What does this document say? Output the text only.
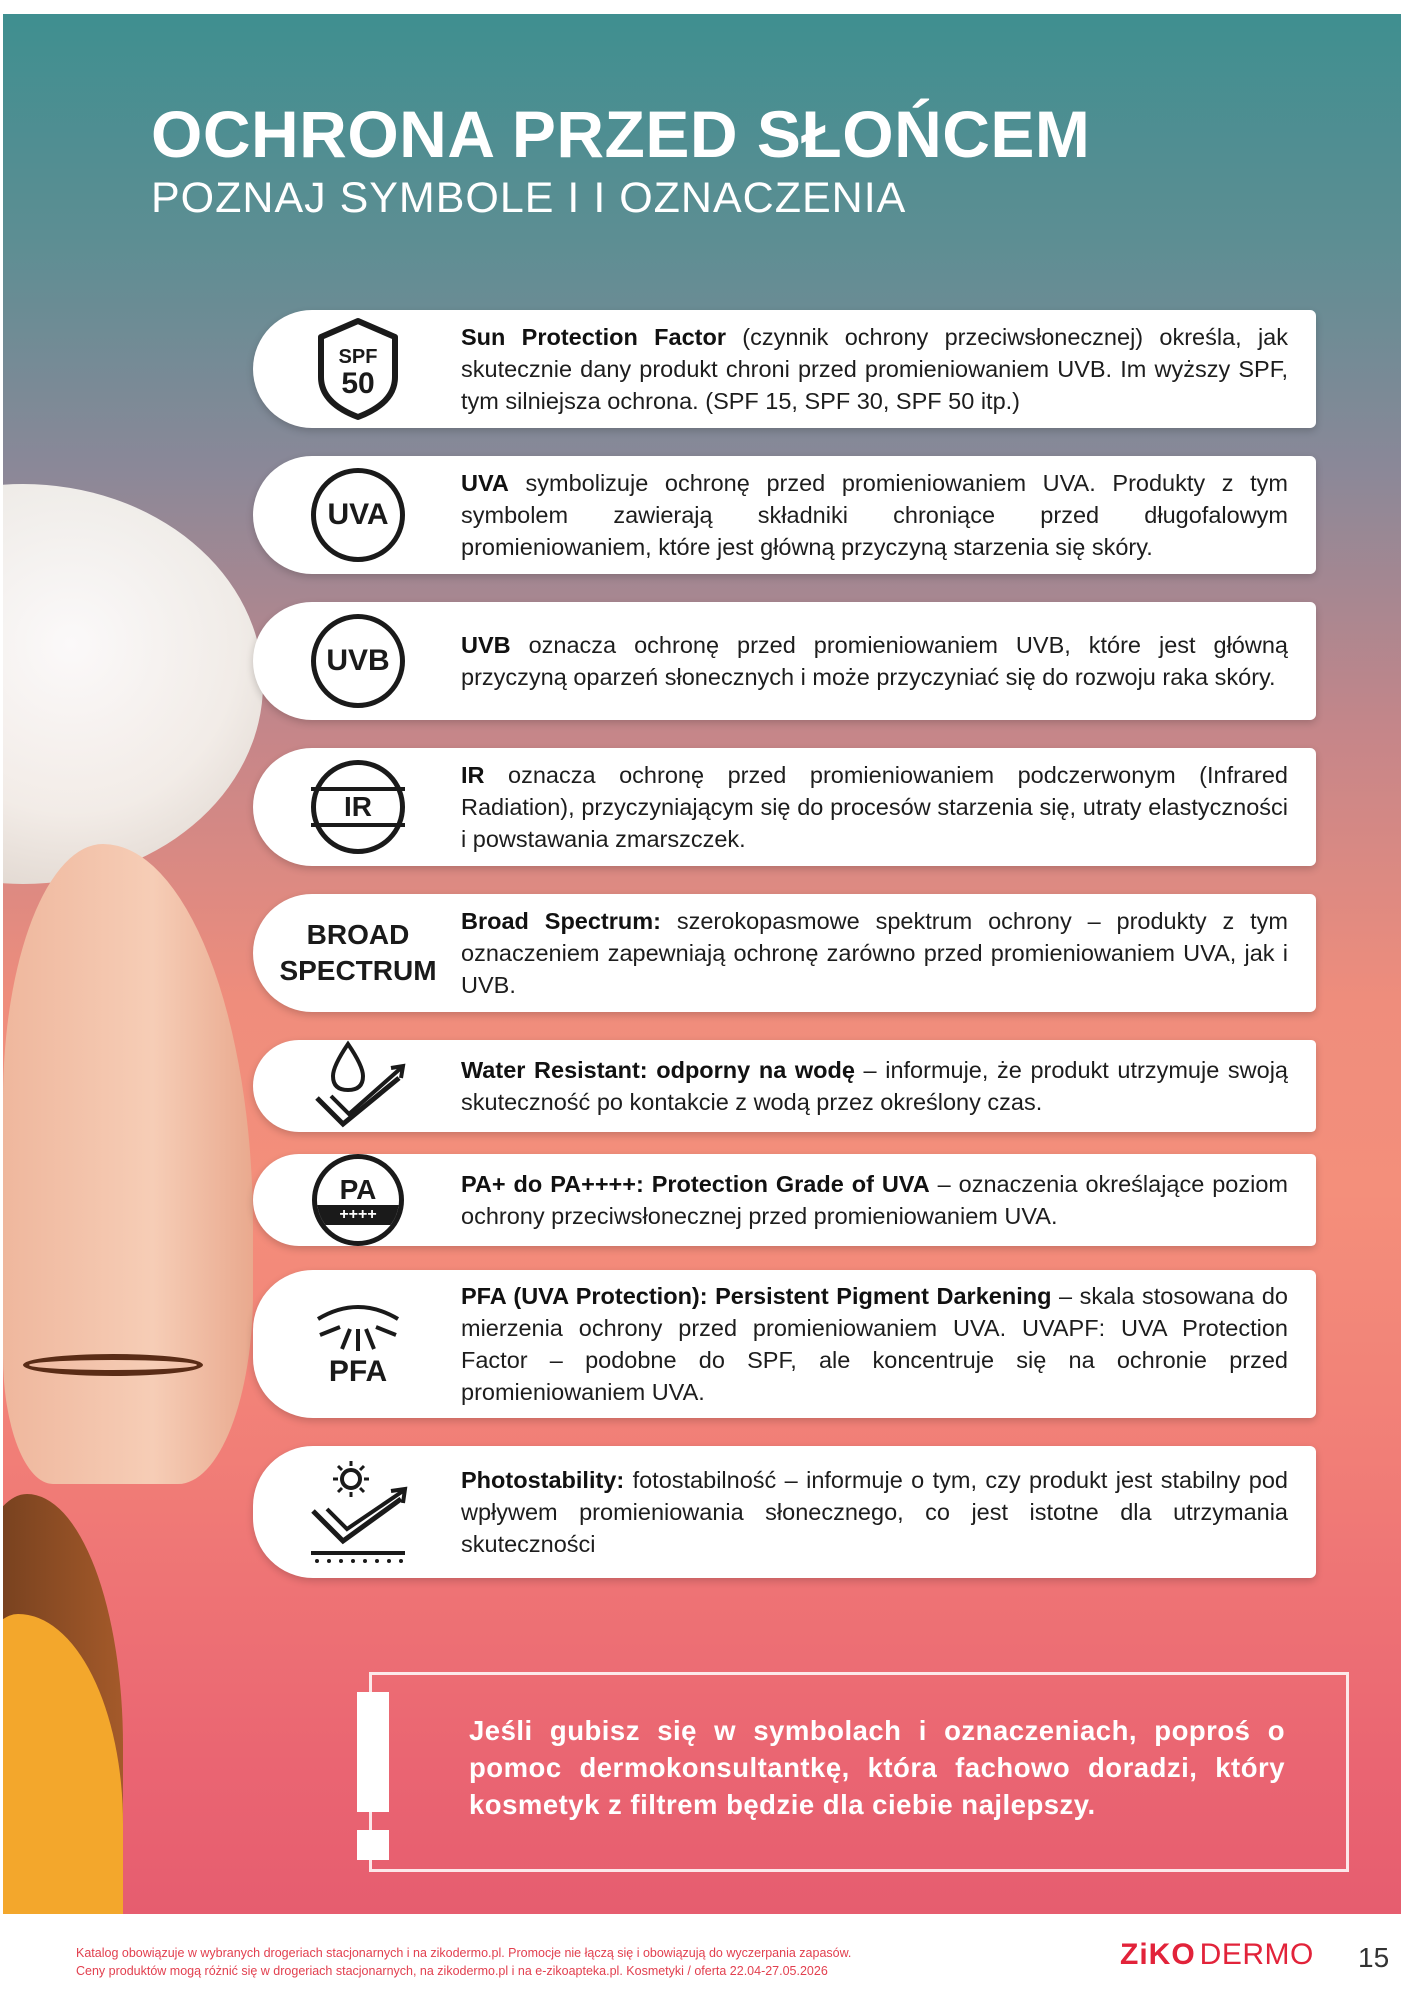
OCHRONA PRZED SŁOŃCEM
POZNAJ SYMBOLE I I OZNACZENIA
SPF
50
Sun Protection Factor (czynnik ochrony przeciwsłonecznej) określa, jak skutecznie dany produkt chroni przed promieniowaniem UVB. Im wyższy SPF, tym silniejsza ochrona. (SPF 15, SPF 30, SPF 50 itp.)
UVA
UVA symbolizuje ochronę przed promieniowaniem UVA. Produkty z tym symbolem zawierają składniki chroniące przed długofalowym promieniowaniem, które jest główną przyczyną starzenia się skóry.
UVB	UVB oznacza ochronę przed promieniowaniem UVB, które jest główną przyczyną oparzeń słonecznych i może przyczyniać się do rozwoju raka skóry.
IR
IR oznacza ochronę przed promieniowaniem podczerwonym (Infrared Radiation), przyczyniającym się do procesów starzenia się, utraty elastyczności i powstawania zmarszczek.
BROAD
SPECTRUM
Broad Spectrum: szerokopasmowe spektrum ochrony – produkty z tym oznaczeniem zapewniają ochronę zarówno przed promieniowaniem UVA, jak i UVB.
Water Resistant: odporny na wodę – informuje, że produkt utrzymuje swoją skuteczność po kontakcie z wodą przez określony czas.
PA
++++
PA+ do PA++++: Protection Grade of UVA – oznaczenia określające poziom ochrony przeciwsłonecznej przed promieniowaniem UVA.
PFA
PFA (UVA Protection): Persistent Pigment Darkening – skala stosowana do mierzenia ochrony przed promieniowaniem UVA. UVAPF: UVA Protection Factor – podobne do SPF, ale koncentruje się na ochronie przed promieniowaniem UVA.
Photostability: fotostabilność – informuje o tym, czy produkt jest stabilny pod wpływem promieniowania słonecznego, co jest istotne dla utrzymania skuteczności
Jeśli gubisz się w symbolach i oznaczeniach, poproś o pomoc dermokonsultantkę, która fachowo doradzi, który kosmetyk z filtrem będzie dla ciebie najlepszy.
Katalog obowiązuje w wybranych drogeriach stacjonarnych i na zikodermo.pl. Promocje nie łączą się i obowiązują do wyczerpania zapasów.
Ceny produktów mogą różnić się w drogeriach stacjonarnych, na zikodermo.pl i na e-zikoapteka.pl. Kosmetyki / oferta 22.04-27.05.2026	ZiKO DERMO 15
